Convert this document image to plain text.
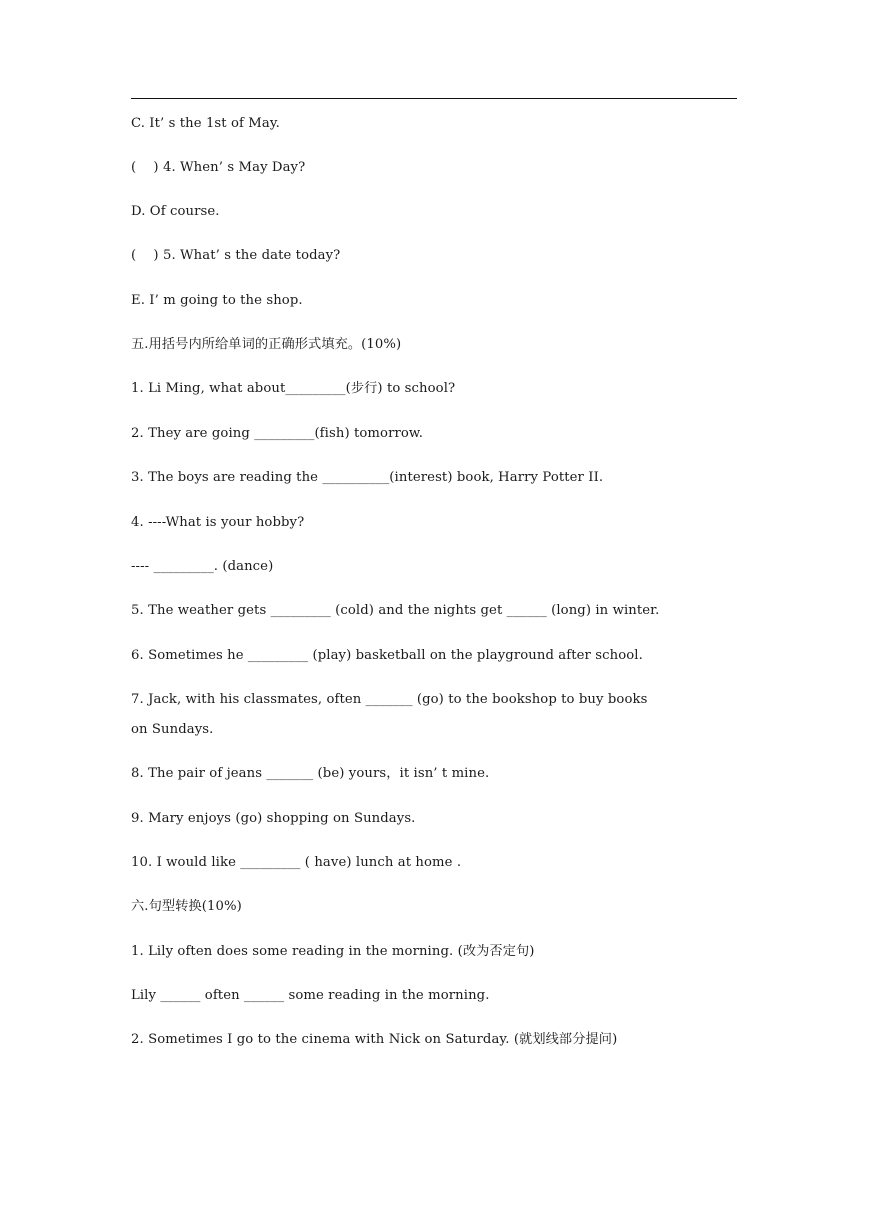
C. It’ s the 1st of May.
(    ) 4. When’ s May Day?
D. Of course.
(    ) 5. What’ s the date today?
E. I’ m going to the shop.
五.用括号内所给单词的正确形式填充。(10%)
1. Li Ming, what about_________(步行) to school?
2. They are going _________(fish) tomorrow.
3. The boys are reading the __________(interest) book, Harry Potter II.
4. ----What is your hobby?
---- _________. (dance)
5. The weather gets _________ (cold) and the nights get ______ (long) in winter.
6. Sometimes he _________ (play) basketball on the playground after school.
7. Jack, with his classmates, often _______ (go) to the bookshop to buy books
on Sundays.
8. The pair of jeans _______ (be) yours，it isn’ t mine.
9. Mary enjoys (go) shopping on Sundays.
10. I would like _________ ( have) lunch at home .
六.句型转换(10%)
1. Lily often does some reading in the morning. (改为否定句)
Lily ______ often ______ some reading in the morning.
2. Sometimes I go to the cinema with Nick on Saturday. (就划线部分提问)
